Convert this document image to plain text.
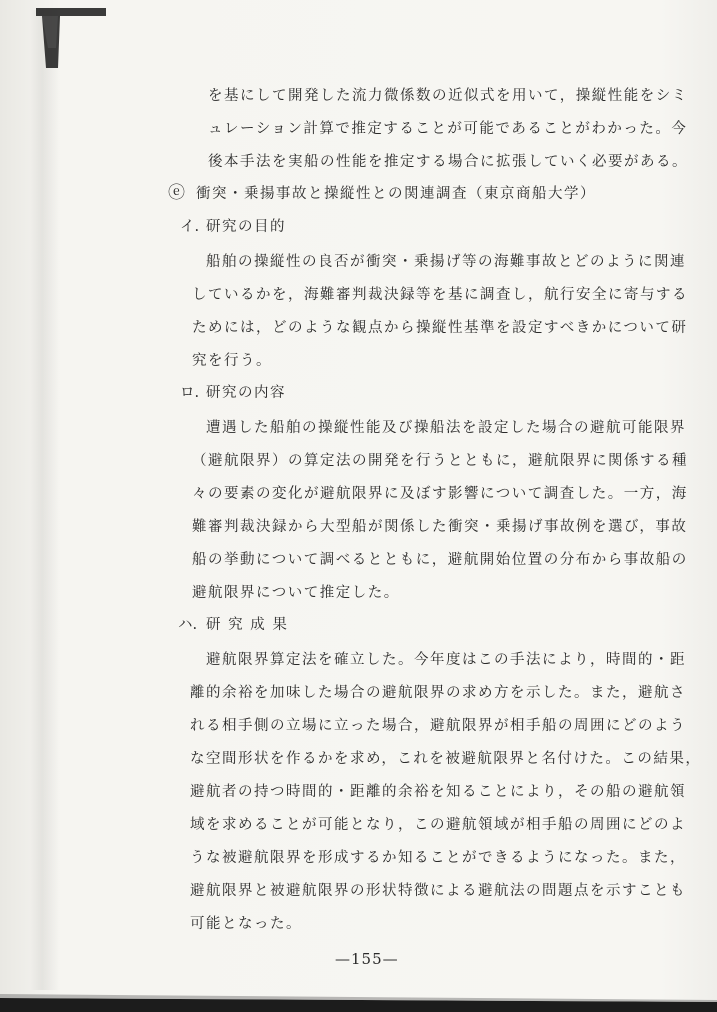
を基にして開発した流力微係数の近似式を用いて，操縦性能をシミ
ュレーション計算で推定することが可能であることがわかった。今
後本手法を実船の性能を推定する場合に拡張していく必要がある。
ⓔ 衝突・乗揚事故と操縦性との関連調査（東京商船大学）
イ. 研究の目的
船舶の操縦性の良否が衝突・乗揚げ等の海難事故とどのように関連
しているかを，海難審判裁決録等を基に調査し，航行安全に寄与する
ためには，どのような観点から操縦性基準を設定すべきかについて研
究を行う。
ロ. 研究の内容
遭遇した船舶の操縦性能及び操船法を設定した場合の避航可能限界
（避航限界）の算定法の開発を行うとともに，避航限界に関係する種
々の要素の変化が避航限界に及ぼす影響について調査した。一方，海
難審判裁決録から大型船が関係した衝突・乗揚げ事故例を選び，事故
船の挙動について調べるとともに，避航開始位置の分布から事故船の
避航限界について推定した。
ハ. 研 究 成 果
避航限界算定法を確立した。今年度はこの手法により，時間的・距
離的余裕を加味した場合の避航限界の求め方を示した。また，避航さ
れる相手側の立場に立った場合，避航限界が相手船の周囲にどのよう
な空間形状を作るかを求め，これを被避航限界と名付けた。この結果，
避航者の持つ時間的・距離的余裕を知ることにより，その船の避航領
域を求めることが可能となり，この避航領域が相手船の周囲にどのよ
うな被避航限界を形成するか知ることができるようになった。また，
避航限界と被避航限界の形状特徴による避航法の問題点を示すことも
可能となった。
—155—
